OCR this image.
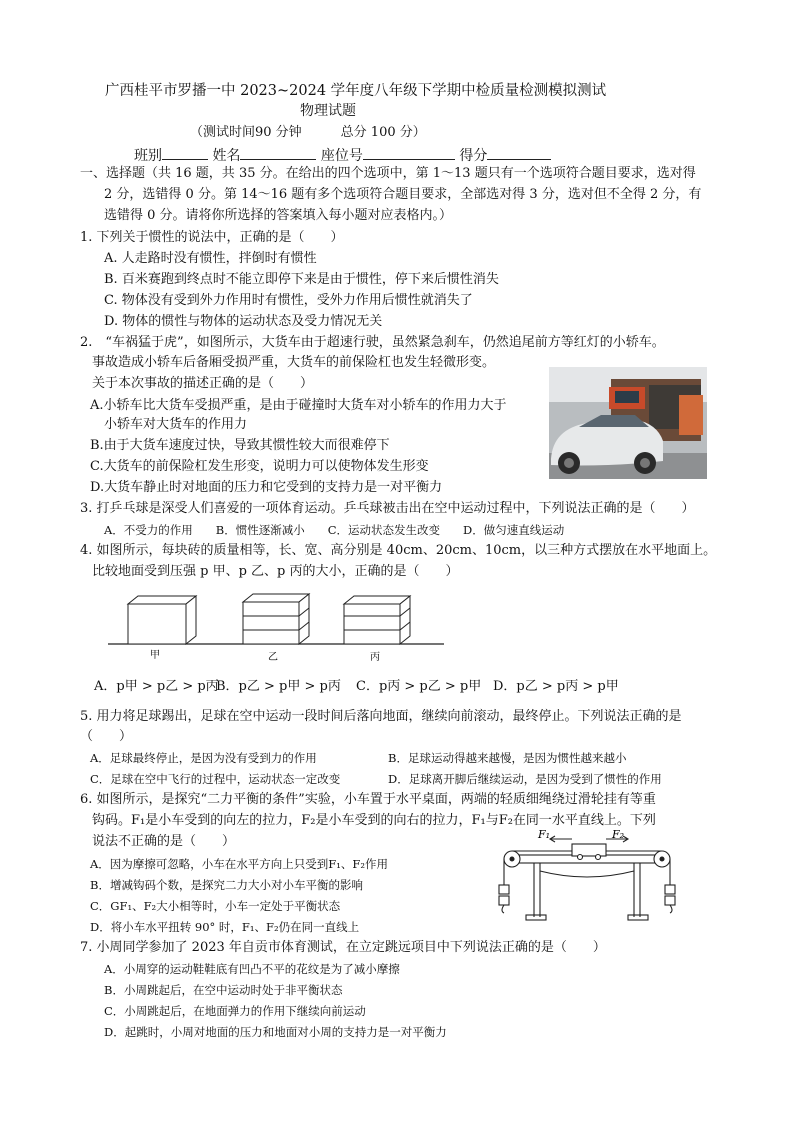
广西桂平市罗播一中 2023~2024 学年度八年级下学期中检质量检测模拟测试
物理试题
（测试时间90 分钟　　　总分 100 分）
班别	姓名	座位号	得分
一、选择题（共 16 题，共 35 分。在给出的四个选项中，第 1～13 题只有一个选项符合题目要求，选对得
2 分，选错得 0 分。第 14～16 题有多个选项符合题目要求，全部选对得 3 分，选对但不全得 2 分，有
选错得 0 分。请将你所选择的答案填入每小题对应表格内。）
1. 下列关于惯性的说法中，正确的是（　　）
A. 人走路时没有惯性，拌倒时有惯性
B. 百米赛跑到终点时不能立即停下来是由于惯性，停下来后惯性消失
C. 物体没有受到外力作用时有惯性，受外力作用后惯性就消失了
D. 物体的惯性与物体的运动状态及受力情况无关
2.　“车祸猛于虎”，如图所示，大货车由于超速行驶，虽然紧急刹车，仍然追尾前方等红灯的小轿车。
事故造成小轿车后备厢受损严重，大货车的前保险杠也发生轻微形变。
关于本次事故的描述正确的是（　　）
A.小轿车比大货车受损严重，是由于碰撞时大货车对小轿车的作用力大于
小轿车对大货车的作用力
B.由于大货车速度过快，导致其惯性较大而很难停下
C.大货车的前保险杠发生形变，说明力可以使物体发生形变
D.大货车静止时对地面的压力和它受到的支持力是一对平衡力
3. 打乒乓球是深受人们喜爱的一项体育运动。乒乓球被击出在空中运动过程中，下列说法正确的是（　　）
A．不受力的作用　　B．惯性逐渐减小　　C．运动状态发生改变　　D．做匀速直线运动
4. 如图所示，每块砖的质量相等，长、宽、高分别是 40cm、20cm、10cm，以三种方式摆放在水平地面上。
比较地面受到压强 p 甲、p 乙、p 丙的大小，正确的是（　　）
甲	乙	丙
A．p甲 > p乙 > p丙
B．p乙 > p甲 > p丙 C．p丙 > p乙 > p甲 D．p乙 > p丙 > p甲
5. 用力将足球踢出，足球在空中运动一段时间后落向地面，继续向前滚动，最终停止。下列说法正确的是
（　　）
A．足球最终停止，是因为没有受到力的作用	B．足球运动得越来越慢，是因为惯性越来越小
C．足球在空中飞行的过程中，运动状态一定改变	D．足球离开脚后继续运动，是因为受到了惯性的作用
6. 如图所示，是探究“二力平衡的条件”实验，小车置于水平桌面，两端的轻质细绳绕过滑轮挂有等重
钩码。F₁是小车受到的向左的拉力，F₂是小车受到的向右的拉力，F₁与F₂在同一水平直线上。下列
说法不正确的是（　　）
A．因为摩擦可忽略，小车在水平方向上只受到F₁、F₂作用
B．增减钩码个数，是探究二力大小对小车平衡的影响
C．GF₁、F₂大小相等时，小车一定处于平衡状态
D．将小车水平扭转 90° 时，F₁、F₂仍在同一直线上
F₁	F₂
7. 小周同学参加了 2023 年自贡市体育测试，在立定跳远项目中下列说法正确的是（　　）
A．小周穿的运动鞋鞋底有凹凸不平的花纹是为了减小摩擦
B．小周跳起后，在空中运动时处于非平衡状态
C．小周跳起后，在地面弹力的作用下继续向前运动
D．起跳时，小周对地面的压力和地面对小周的支持力是一对平衡力
